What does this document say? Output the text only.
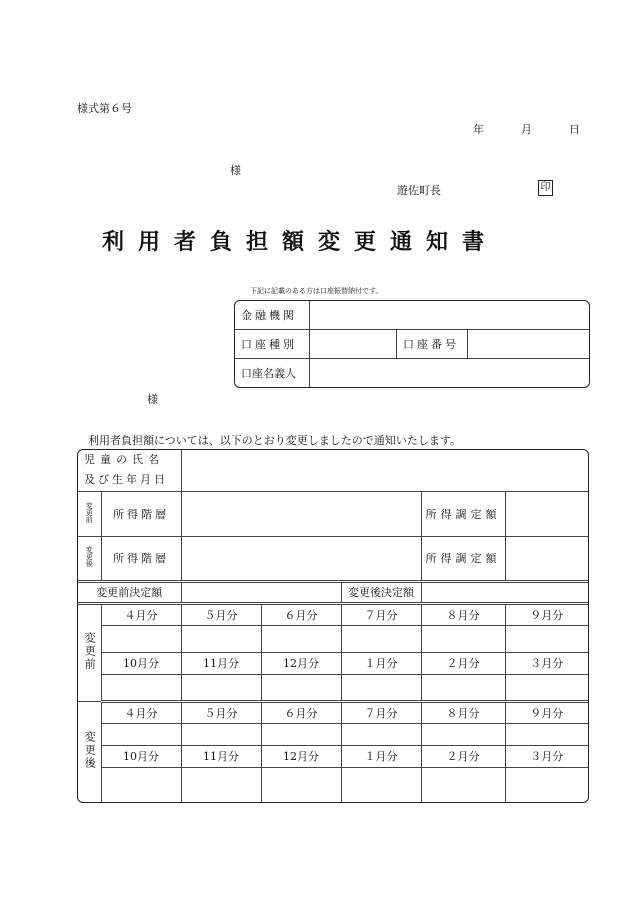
様式第６号
年	月	日
様
遊佐町長	印
利用者負担額変更通知書
下記に記載のある方は口座振替納付です。
金融機関			
口座種別		口座番号	
口座名義人			
様
利用者負担額については、以下のとおり変更しましたので通知いたします。
児童の氏名
及び生年月日						

変更前	所得階層				所得調定額	
変更後	所得階層				所得調定額	
変更前決定額				変更後決定額		
変更前	４月分	５月分	６月分	７月分	８月分	９月分

	10月分	11月分	12月分	１月分	２月分	３月分

変更後	４月分	５月分	６月分	７月分	８月分	９月分

	10月分	11月分	12月分	１月分	２月分	３月分
